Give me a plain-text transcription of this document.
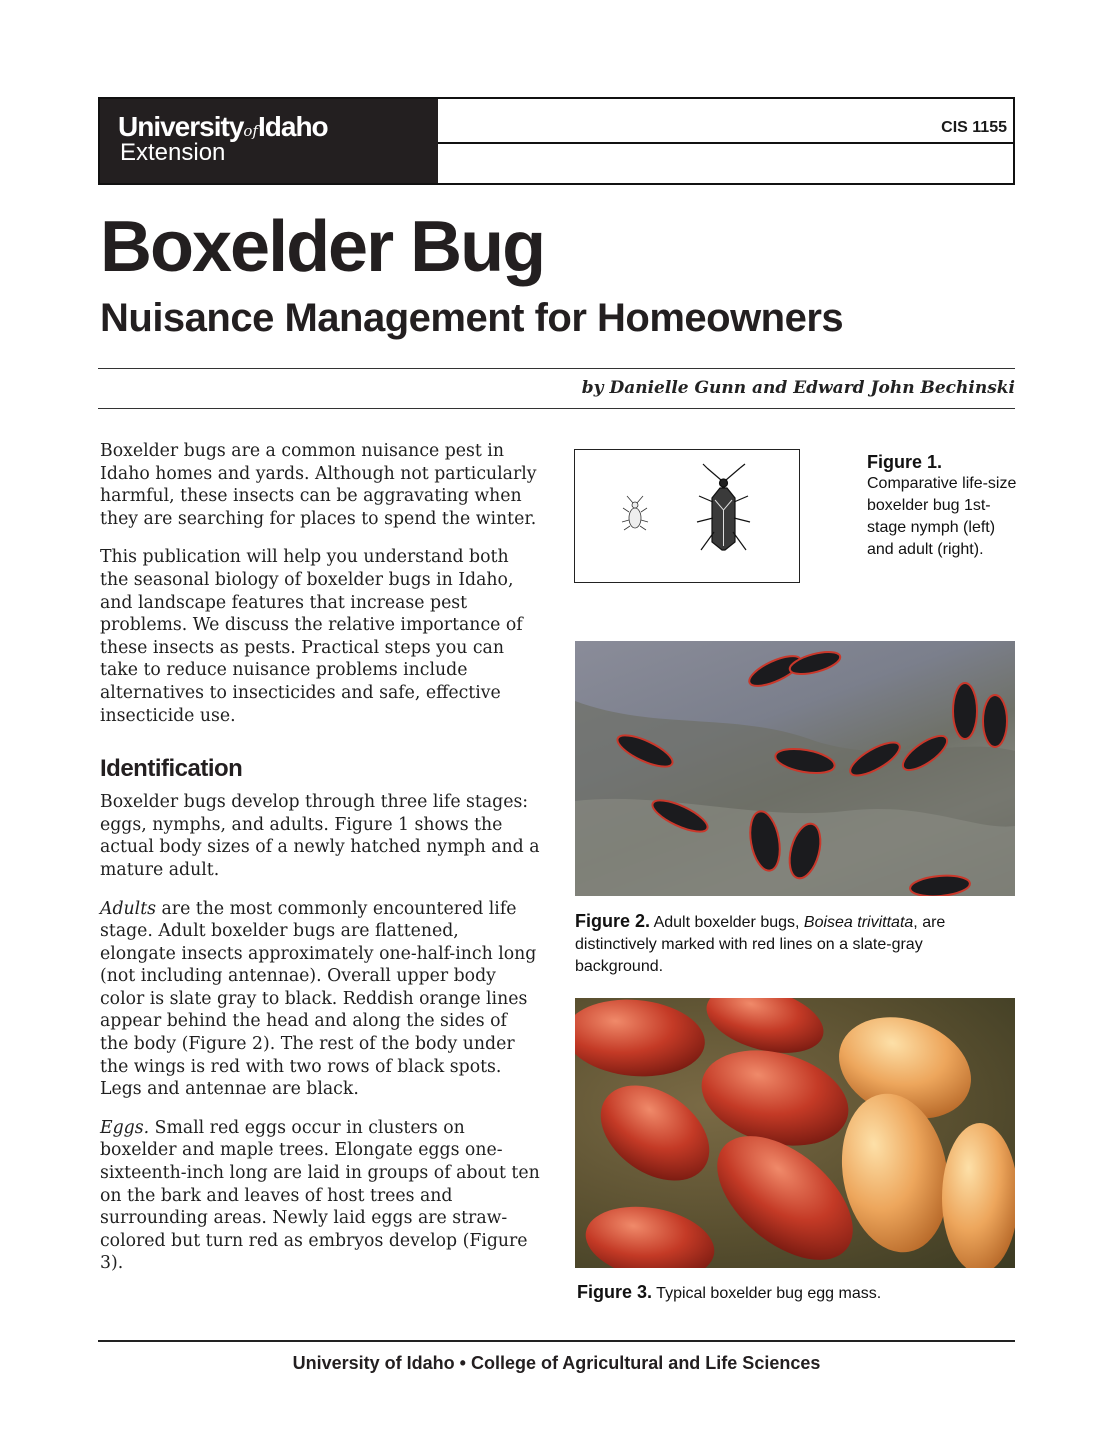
UniversityofIdaho
Extension
CIS 1155
Boxelder Bug
Nuisance Management for Homeowners
by Danielle Gunn and Edward John Bechinski

Boxelder bugs are a common nuisance pest in Idaho homes and yards. Although not particularly harmful, these insects can be aggravating when they are searching for places to spend the winter.

This publication will help you understand both the seasonal biology of boxelder bugs in Idaho, and landscape features that increase pest problems. We discuss the relative importance of these insects as pests. Practical steps you can take to reduce nuisance problems include alternatives to insecticides and safe, effective insecticide use.

Identification

Boxelder bugs develop through three life stages: eggs, nymphs, and adults. Figure 1 shows the actual body sizes of a newly hatched nymph and a mature adult.

Adults are the most commonly encountered life stage. Adult boxelder bugs are flattened, elongate insects approximately one-half-inch long (not including antennae). Overall upper body color is slate gray to black. Reddish orange lines appear behind the head and along the sides of the body (Figure 2). The rest of the body under the wings is red with two rows of black spots. Legs and antennae are black.

Eggs. Small red eggs occur in clusters on boxelder and maple trees. Elongate eggs one-sixteenth-inch long are laid in groups of about ten on the bark and leaves of host trees and surrounding areas. Newly laid eggs are straw-colored but turn red as embryos develop (Figure 3).

Figure 1.
Comparative life-size boxelder bug 1st-stage nymph (left) and adult (right).
Figure 2. Adult boxelder bugs, Boisea trivittata, are distinctively marked with red lines on a slate-gray background.
Figure 3. Typical boxelder bug egg mass.
University of Idaho • College of Agricultural and Life Sciences
